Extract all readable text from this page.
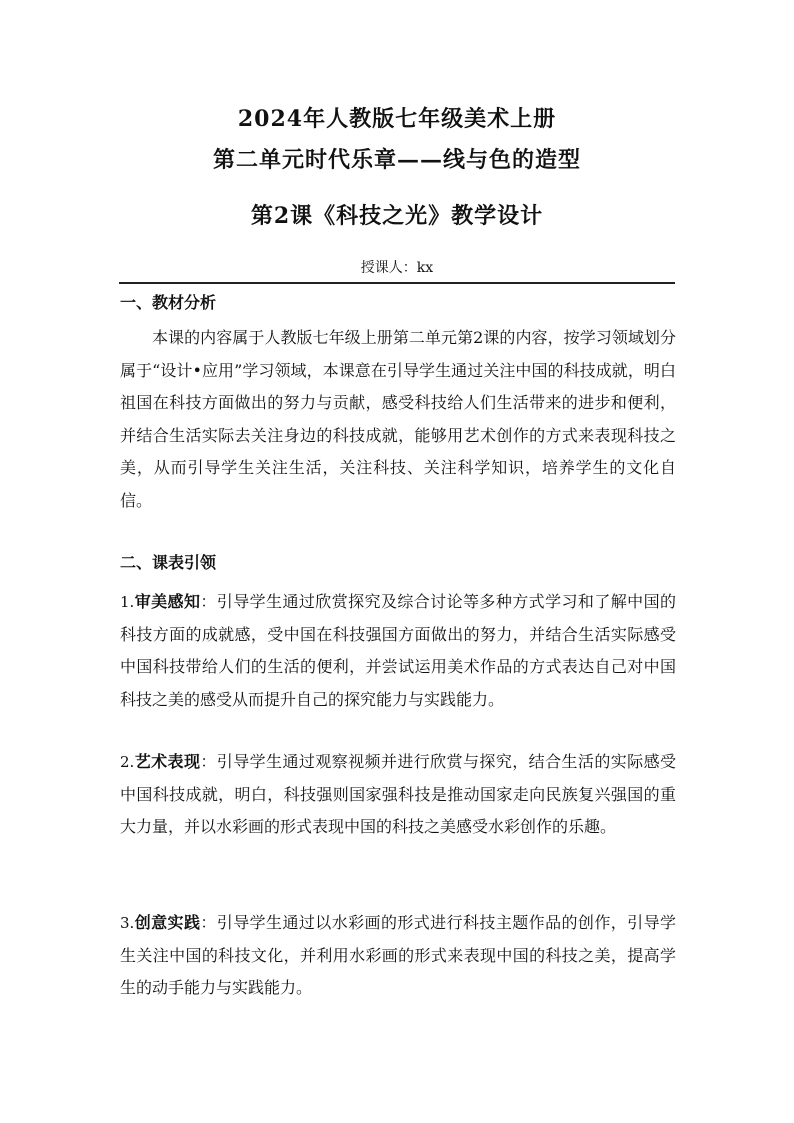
2024年人教版七年级美术上册
第二单元时代乐章——线与色的造型
第2课《科技之光》教学设计
授课人：kx
一、教材分析

本课的内容属于人教版七年级上册第二单元第2课的内容，按学习领域划分属于“设计•应用”学习领域，本课意在引导学生通过关注中国的科技成就，明白祖国在科技方面做出的努力与贡献，感受科技给人们生活带来的进步和便利，并结合生活实际去关注身边的科技成就，能够用艺术创作的方式来表现科技之美，从而引导学生关注生活，关注科技、关注科学知识，培养学生的文化自信。

二、课表引领

1.审美感知：引导学生通过欣赏探究及综合讨论等多种方式学习和了解中国的科技方面的成就感，受中国在科技强国方面做出的努力，并结合生活实际感受中国科技带给人们的生活的便利，并尝试运用美术作品的方式表达自己对中国科技之美的感受从而提升自己的探究能力与实践能力。

2.艺术表现：引导学生通过观察视频并进行欣赏与探究，结合生活的实际感受中国科技成就，明白，科技强则国家强科技是推动国家走向民族复兴强国的重大力量，并以水彩画的形式表现中国的科技之美感受水彩创作的乐趣。

3.创意实践：引导学生通过以水彩画的形式进行科技主题作品的创作，引导学生关注中国的科技文化，并利用水彩画的形式来表现中国的科技之美，提高学生的动手能力与实践能力。
